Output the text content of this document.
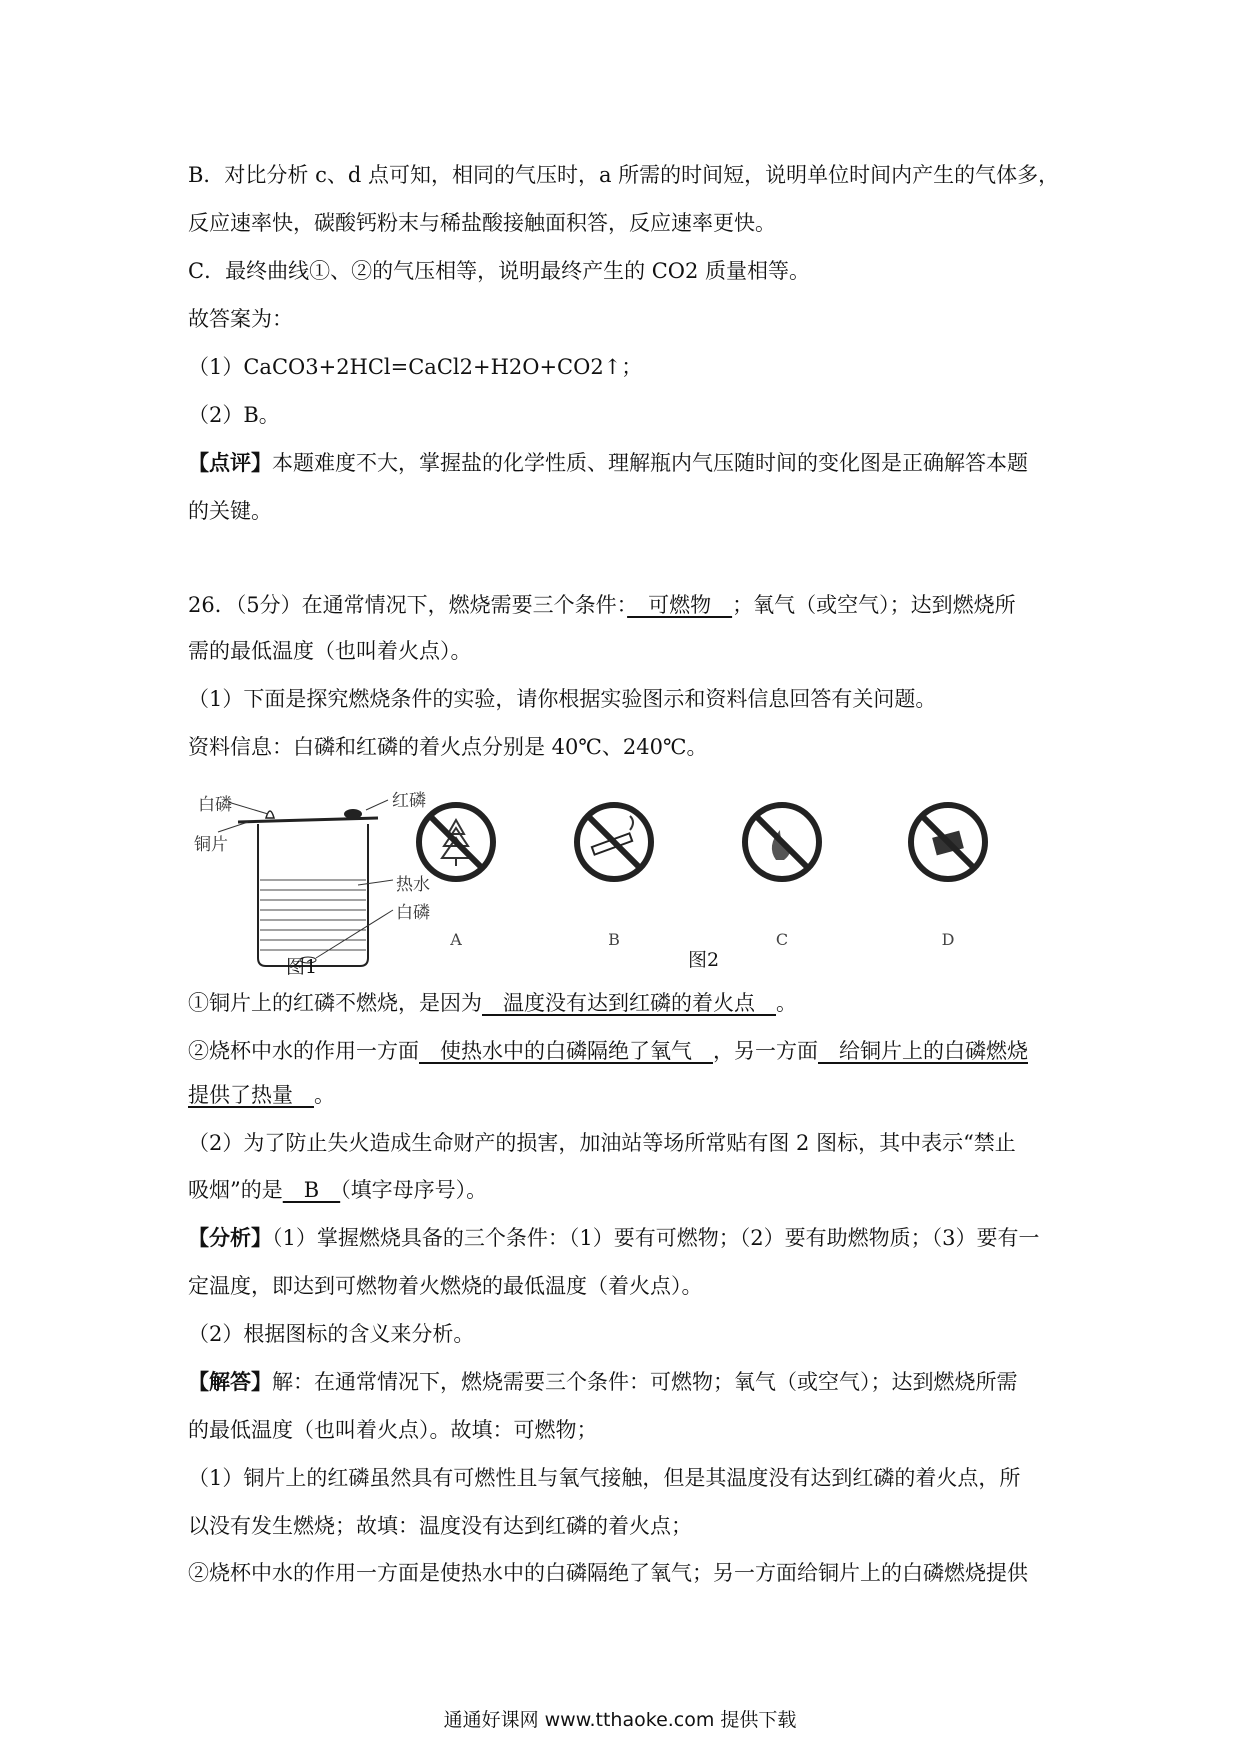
B．对比分析 c、d 点可知，相同的气压时，a 所需的时间短，说明单位时间内产生的气体多，
反应速率快，碳酸钙粉末与稀盐酸接触面积答，反应速率更快。
C．最终曲线①、②的气压相等，说明最终产生的 CO2 质量相等。
故答案为：
（1）CaCO3+2HCl=CaCl2+H2O+CO2↑；
（2）B。
【点评】本题难度不大，掌握盐的化学性质、理解瓶内气压随时间的变化图是正确解答本题
的关键。
26．（5分）在通常情况下，燃烧需要三个条件：　可燃物　；氧气（或空气）；达到燃烧所
需的最低温度（也叫着火点）。
（1）下面是探究燃烧条件的实验，请你根据实验图示和资料信息回答有关问题。
资料信息：白磷和红磷的着火点分别是 40℃、240℃。
白磷	红磷
铜片
热水
白磷
图1
A	B	C	D
图2
①铜片上的红磷不燃烧，是因为　温度没有达到红磷的着火点　。
②烧杯中水的作用一方面　使热水中的白磷隔绝了氧气　，另一方面　给铜片上的白磷燃烧
提供了热量　。
（2）为了防止失火造成生命财产的损害，加油站等场所常贴有图 2 图标，其中表示“禁止
吸烟”的是　B　（填字母序号）。
【分析】（1）掌握燃烧具备的三个条件：（1）要有可燃物；（2）要有助燃物质；（3）要有一
定温度，即达到可燃物着火燃烧的最低温度（着火点）。
（2）根据图标的含义来分析。
【解答】解：在通常情况下，燃烧需要三个条件：可燃物；氧气（或空气）；达到燃烧所需
的最低温度（也叫着火点）。故填：可燃物；
（1）铜片上的红磷虽然具有可燃性且与氧气接触，但是其温度没有达到红磷的着火点，所
以没有发生燃烧；故填：温度没有达到红磷的着火点；
②烧杯中水的作用一方面是使热水中的白磷隔绝了氧气；另一方面给铜片上的白磷燃烧提供
通通好课网 www.tthaoke.com 提供下载
